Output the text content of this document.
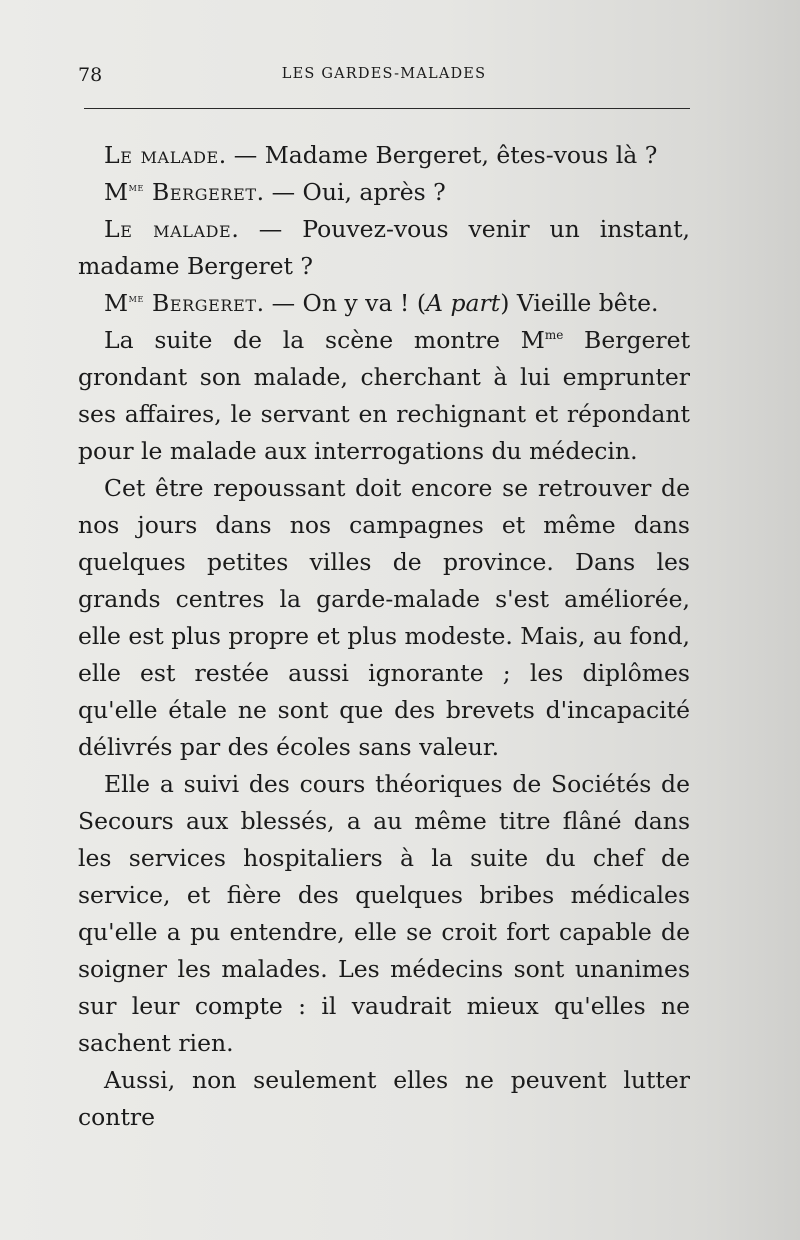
78	LES GARDES-MALADES

Le malade. — Madame Bergeret, êtes-vous là ?

$M^{me}$ Bergeret. — Oui, après ?

Le malade. — Pouvez-vous venir un instant, madame Bergeret ?

$M^{me}$ Bergeret. — On y va ! (A part) Vieille bête.

La suite de la scène montre $M^{me}$ Bergeret grondant son malade, cherchant à lui emprunter ses affaires, le servant en rechignant et répondant pour le malade aux interrogations du médecin.

Cet être repoussant doit encore se retrouver de nos jours dans nos campagnes et même dans quelques petites villes de province. Dans les grands centres la garde-malade s'est améliorée, elle est plus propre et plus modeste. Mais, au fond, elle est restée aussi ignorante ; les diplômes qu'elle étale ne sont que des brevets d'incapacité délivrés par des écoles sans valeur.

Elle a suivi des cours théoriques de Sociétés de Secours aux blessés, a au même titre flâné dans les services hospitaliers à la suite du chef de service, et fière des quelques bribes médicales qu'elle a pu entendre, elle se croit fort capable de soigner les malades. Les médecins sont unanimes sur leur compte : il vaudrait mieux qu'elles ne sachent rien.

Aussi, non seulement elles ne peuvent lutter contre
